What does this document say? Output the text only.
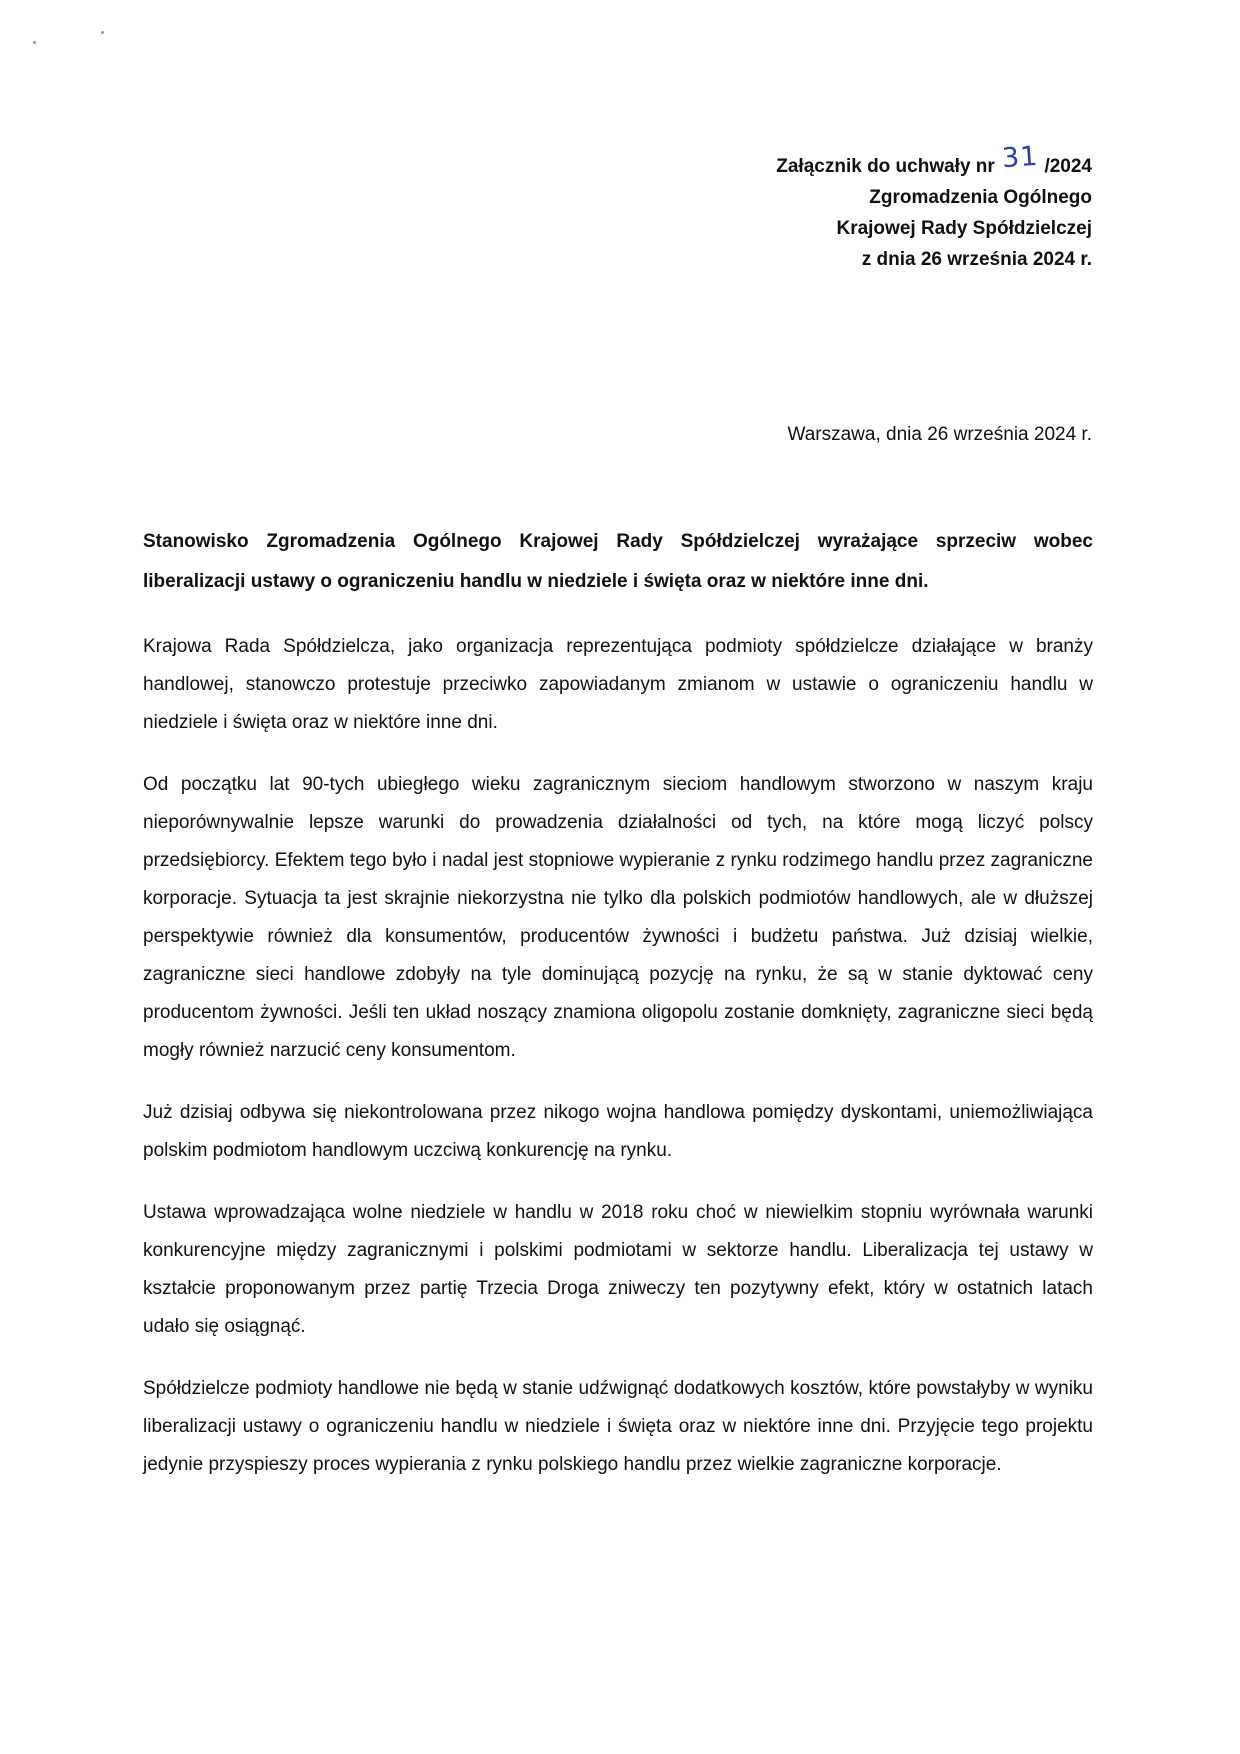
Załącznik do uchwały nr 31 /2024
Zgromadzenia Ogólnego
Krajowej Rady Spółdzielczej
z dnia 26 września 2024 r.
Warszawa, dnia 26 września 2024 r.

Stanowisko Zgromadzenia Ogólnego Krajowej Rady Spółdzielczej wyrażające sprzeciw wobec liberalizacji ustawy o ograniczeniu handlu w niedziele i święta oraz w niektóre inne dni.

Krajowa Rada Spółdzielcza, jako organizacja reprezentująca podmioty spółdzielcze działające w branży handlowej, stanowczo protestuje przeciwko zapowiadanym zmianom w ustawie o ograniczeniu handlu w niedziele i święta oraz w niektóre inne dni.

Od początku lat 90-tych ubiegłego wieku zagranicznym sieciom handlowym stworzono w naszym kraju nieporównywalnie lepsze warunki do prowadzenia działalności od tych, na które mogą liczyć polscy przedsiębiorcy. Efektem tego było i nadal jest stopniowe wypieranie z rynku rodzimego handlu przez zagraniczne korporacje. Sytuacja ta jest skrajnie niekorzystna nie tylko dla polskich podmiotów handlowych, ale w dłuższej perspektywie również dla konsumentów, producentów żywności i budżetu państwa. Już dzisiaj wielkie, zagraniczne sieci handlowe zdobyły na tyle dominującą pozycję na rynku, że są w stanie dyktować ceny producentom żywności. Jeśli ten układ noszący znamiona oligopolu zostanie domknięty, zagraniczne sieci będą mogły również narzucić ceny konsumentom.

Już dzisiaj odbywa się niekontrolowana przez nikogo wojna handlowa pomiędzy dyskontami, uniemożliwiająca polskim podmiotom handlowym uczciwą konkurencję na rynku.

Ustawa wprowadzająca wolne niedziele w handlu w 2018 roku choć w niewielkim stopniu wyrównała warunki konkurencyjne między zagranicznymi i polskimi podmiotami w sektorze handlu. Liberalizacja tej ustawy w kształcie proponowanym przez partię Trzecia Droga zniweczy ten pozytywny efekt, który w ostatnich latach udało się osiągnąć.

Spółdzielcze podmioty handlowe nie będą w stanie udźwignąć dodatkowych kosztów, które powstałyby w wyniku liberalizacji ustawy o ograniczeniu handlu w niedziele i święta oraz w niektóre inne dni. Przyjęcie tego projektu jedynie przyspieszy proces wypierania z rynku polskiego handlu przez wielkie zagraniczne korporacje.
